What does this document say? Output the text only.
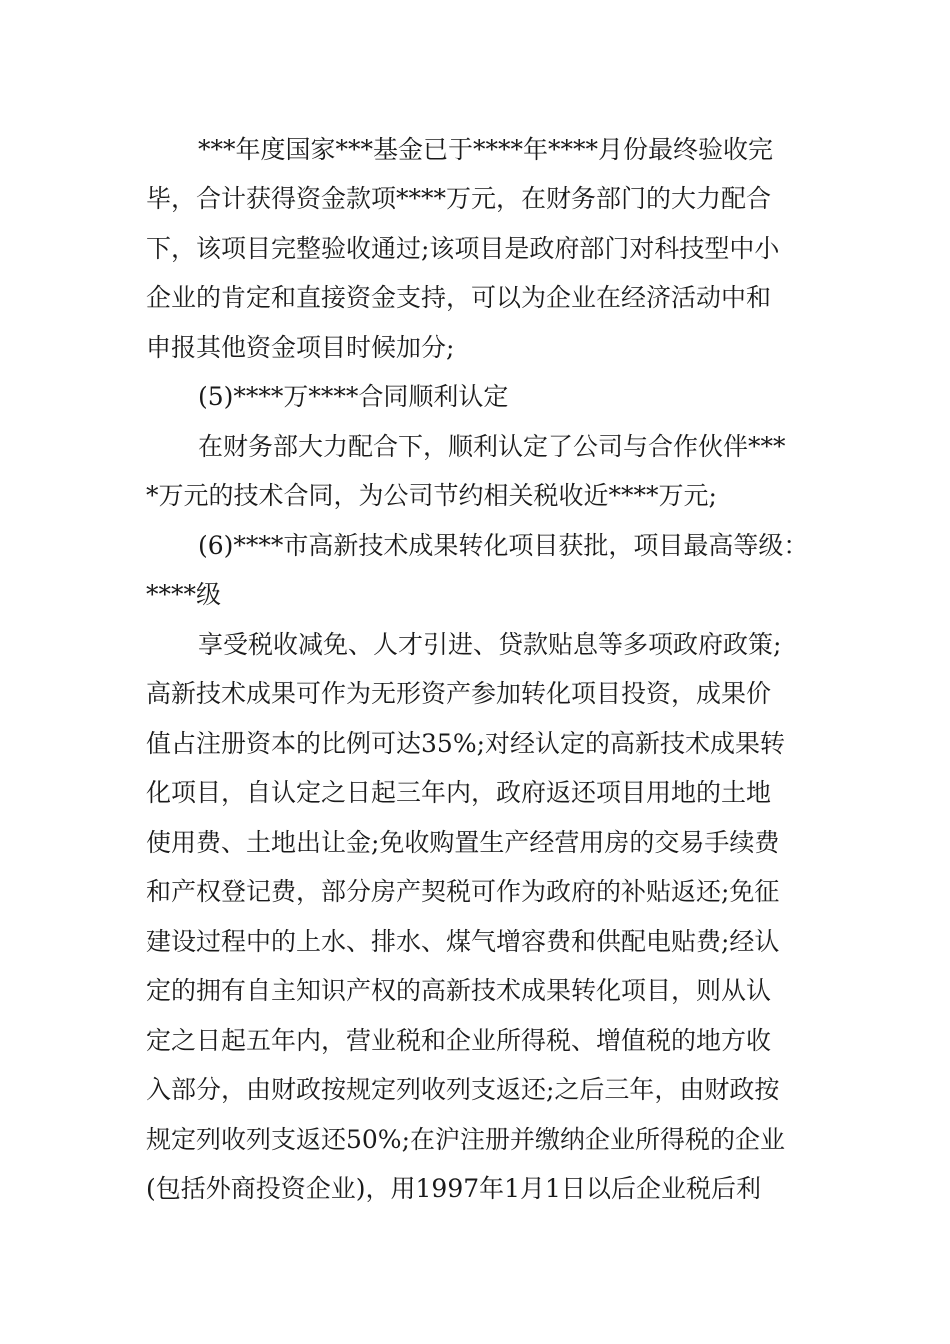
***年度国家***基金已于****年****月份最终验收完
毕，合计获得资金款项****万元，在财务部门的大力配合
下，该项目完整验收通过;该项目是政府部门对科技型中小
企业的肯定和直接资金支持，可以为企业在经济活动中和
申报其他资金项目时候加分;
(5)****万****合同顺利认定
在财务部大力配合下，顺利认定了公司与合作伙伴***
*万元的技术合同，为公司节约相关税收近****万元;
(6)****市高新技术成果转化项目获批，项目最高等级：
****级
享受税收减免、人才引进、贷款贴息等多项政府政策;
高新技术成果可作为无形资产参加转化项目投资，成果价
值占注册资本的比例可达35%;对经认定的高新技术成果转
化项目，自认定之日起三年内，政府返还项目用地的土地
使用费、土地出让金;免收购置生产经营用房的交易手续费
和产权登记费，部分房产契税可作为政府的补贴返还;免征
建设过程中的上水、排水、煤气增容费和供配电贴费;经认
定的拥有自主知识产权的高新技术成果转化项目，则从认
定之日起五年内，营业税和企业所得税、增值税的地方收
入部分，由财政按规定列收列支返还;之后三年，由财政按
规定列收列支返还50%;在沪注册并缴纳企业所得税的企业
(包括外商投资企业)，用1997年1月1日以后企业税后利
